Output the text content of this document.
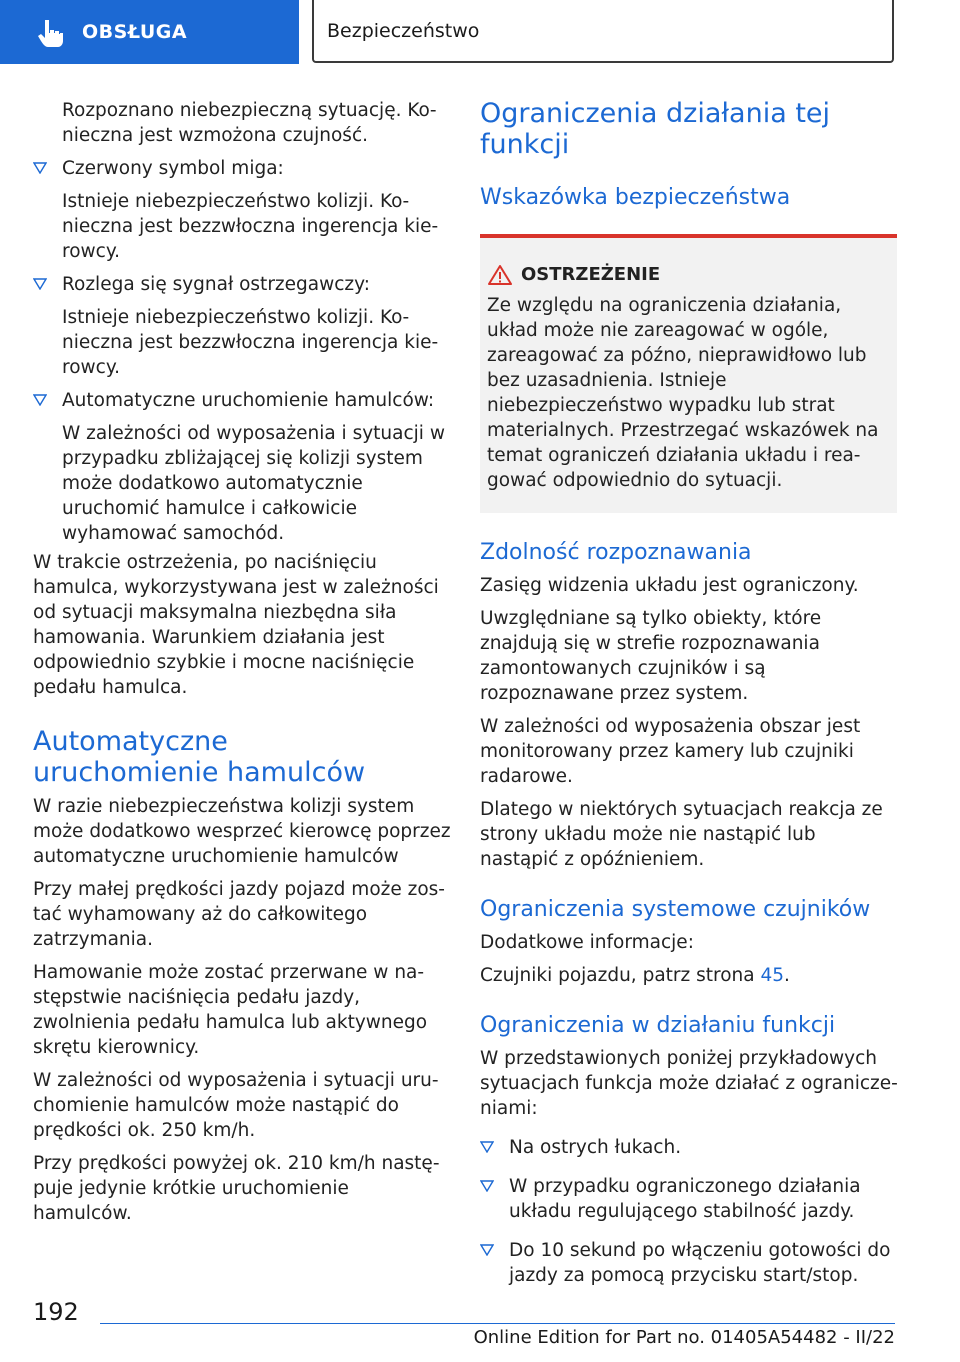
OBSŁUGA	Bezpieczeństwo

Rozpoznano niebezpieczną sytuację. Konieczna jest wzmożona czujność.

Czerwony symbol miga:

Istnieje niebezpieczeństwo kolizji. Konieczna jest bezzwłoczna ingerencja kierowcy.

Rozlega się sygnał ostrzegawczy:

Istnieje niebezpieczeństwo kolizji. Konieczna jest bezzwłoczna ingerencja kierowcy.

Automatyczne uruchomienie hamulców:

W zależności od wyposażenia i sytuacji w przypadku zbliżającej się kolizji system może dodatkowo automatycznie uruchomić hamulce i całkowicie wyhamować samochód.

W trakcie ostrzeżenia, po naciśnięciu hamulca, wykorzystywana jest w zależności od sytuacji maksymalna niezbędna siła hamowania. Warunkiem działania jest odpowiednio szybkie i mocne naciśnięcie pedału hamulca.

Automatyczne uruchomienie hamulców

W razie niebezpieczeństwa kolizji system może dodatkowo wesprzeć kierowcę poprzez automatyczne uruchomienie hamulców

Przy małej prędkości jazdy pojazd może zostać wyhamowany aż do całkowitego zatrzymania.

Hamowanie może zostać przerwane w następstwie naciśnięcia pedału jazdy, zwolnienia pedału hamulca lub aktywnego skrętu kierownicy.

W zależności od wyposażenia i sytuacji uruchomienie hamulców może nastąpić do prędkości ok. 250 km/h.

Przy prędkości powyżej ok. 210 km/h następuje jedynie krótkie uruchomienie hamulców.

Ograniczenia działania tej funkcji
Wskazówka bezpieczeństwa
OSTRZEŻENIE

Ze względu na ograniczenia działania, układ może nie zareagować w ogóle, zareagować za późno, nieprawidłowo lub bez uzasadnienia. Istnieje niebezpieczeństwo wypadku lub strat materialnych. Przestrzegać wskazówek na temat ograniczeń działania układu i reagować odpowiednio do sytuacji.

Zdolność rozpoznawania

Zasięg widzenia układu jest ograniczony.

Uwzględniane są tylko obiekty, które znajdują się w strefie rozpoznawania zamontowanych czujników i są rozpoznawane przez system.

W zależności od wyposażenia obszar jest monitorowany przez kamery lub czujniki radarowe.

Dlatego w niektórych sytuacjach reakcja ze strony układu może nie nastąpić lub nastąpić z opóźnieniem.

Ograniczenia systemowe czujników

Dodatkowe informacje:

Czujniki pojazdu, patrz strona 45.

Ograniczenia w działaniu funkcji

W przedstawionych poniżej przykładowych sytuacjach funkcja może działać z ograniczeniami:

Na ostrych łukach.

W przypadku ograniczonego działania układu regulującego stabilność jazdy.

Do 10 sekund po włączeniu gotowości do jazdy za pomocą przycisku start/stop.

192
Online Edition for Part no. 01405A54482 - II/22
